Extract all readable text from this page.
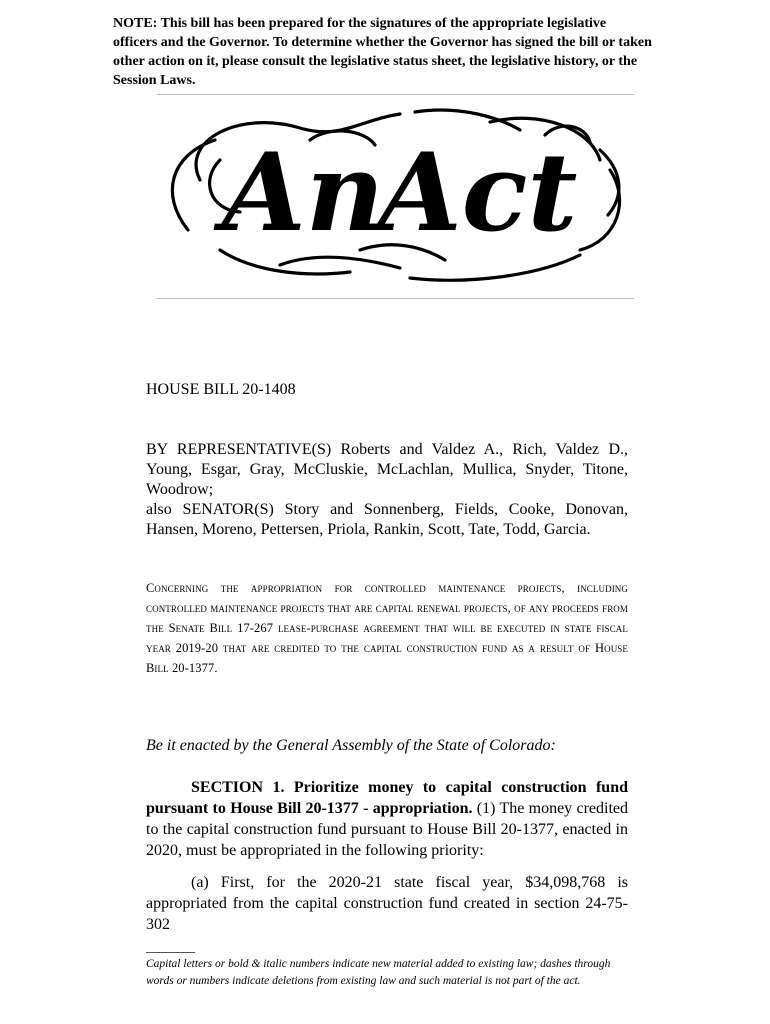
NOTE: This bill has been prepared for the signatures of the appropriate legislative officers and the Governor. To determine whether the Governor has signed the bill or taken other action on it, please consult the legislative status sheet, the legislative history, or the Session Laws.
An
Act
HOUSE BILL 20-1408

BY REPRESENTATIVE(S) Roberts and Valdez A., Rich, Valdez D., Young, Esgar, Gray, McCluskie, McLachlan, Mullica, Snyder, Titone, Woodrow;

also SENATOR(S) Story and Sonnenberg, Fields, Cooke, Donovan, Hansen, Moreno, Pettersen, Priola, Rankin, Scott, Tate, Todd, Garcia.

Concerning the appropriation for controlled maintenance projects, including controlled maintenance projects that are capital renewal projects, of any proceeds from the Senate Bill 17-267 lease-purchase agreement that will be executed in state fiscal year 2019-20 that are credited to the capital construction fund as a result of House Bill 20-1377.
Be it enacted by the General Assembly of the State of Colorado:

SECTION 1. Prioritize money to capital construction fund pursuant to House Bill 20-1377 - appropriation. (1) The money credited to the capital construction fund pursuant to House Bill 20-1377, enacted in 2020, must be appropriated in the following priority:

(a) First, for the 2020-21 state fiscal year, $34,098,768 is appropriated from the capital construction fund created in section 24-75-302

Capital letters or bold & italic numbers indicate new material added to existing law; dashes through words or numbers indicate deletions from existing law and such material is not part of the act.
